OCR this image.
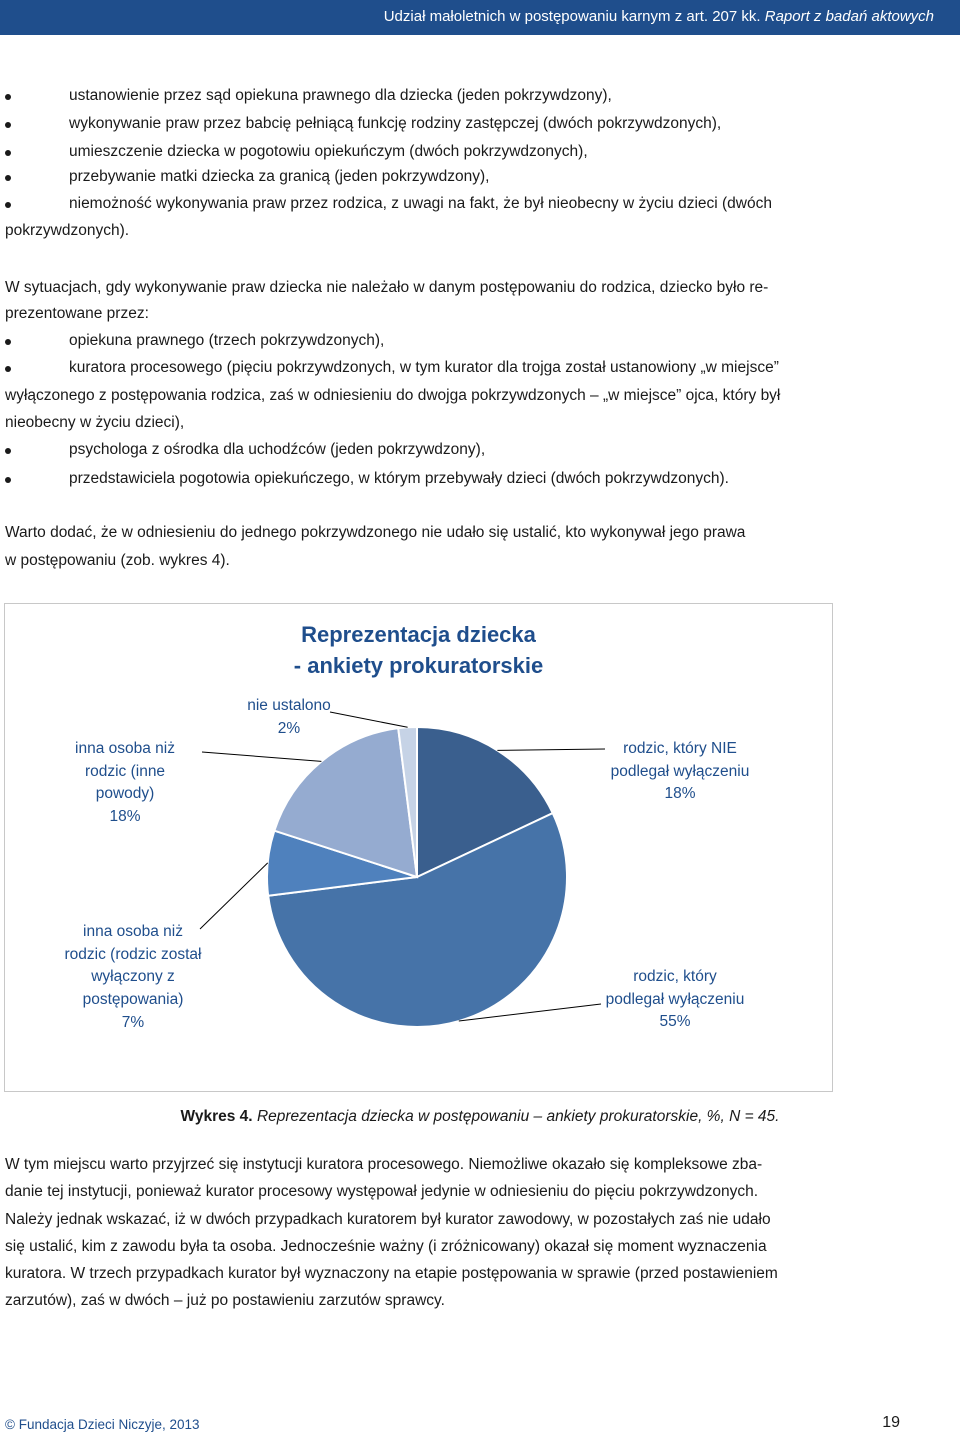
Udział małoletnich w postępowaniu karnym z art. 207 kk. Raport z badań aktowych
ustanowienie przez sąd opiekuna prawnego dla dziecka (jeden pokrzywdzony),
wykonywanie praw przez babcię pełniącą funkcję rodziny zastępczej (dwóch pokrzywdzonych),
umieszczenie dziecka w pogotowiu opiekuńczym (dwóch pokrzywdzonych),
przebywanie matki dziecka za granicą (jeden pokrzywdzony),
niemożność wykonywania praw przez rodzica, z uwagi na fakt, że był nieobecny w życiu dzieci (dwóch
pokrzywdzonych).
W sytuacjach, gdy wykonywanie praw dziecka nie należało w danym postępowaniu do rodzica, dziecko było re-
prezentowane przez:
opiekuna prawnego (trzech pokrzywdzonych),
kuratora procesowego (pięciu pokrzywdzonych, w tym kurator dla trojga został ustanowiony „w miejsce”
wyłączonego z postępowania rodzica, zaś w odniesieniu do dwojga pokrzywdzonych – „w miejsce” ojca, który był
nieobecny w życiu dzieci),
psychologa z ośrodka dla uchodźców (jeden pokrzywdzony),
przedstawiciela pogotowia opiekuńczego, w którym przebywały dzieci (dwóch pokrzywdzonych).
Warto dodać, że w odniesieniu do jednego pokrzywdzonego nie udało się ustalić, kto wykonywał jego prawa
w postępowaniu (zob. wykres 4).
Reprezentacja dziecka
- ankiety prokuratorskie
nie ustalono
2%
inna osoba niż
rodzic (inne
powody)
18%
rodzic, który NIE
podlegał wyłączeniu
18%
inna osoba niż
rodzic (rodzic został
wyłączony z
postępowania)
7%
rodzic, który
podlegał wyłączeniu
55%
Wykres 4. Reprezentacja dziecka w postępowaniu – ankiety prokuratorskie, %, N = 45.
W tym miejscu warto przyjrzeć się instytucji kuratora procesowego. Niemożliwe okazało się kompleksowe zba-
danie tej instytucji, ponieważ kurator procesowy występował jedynie w odniesieniu do pięciu pokrzywdzonych.
Należy jednak wskazać, iż w dwóch przypadkach kuratorem był kurator zawodowy, w pozostałych zaś nie udało
się ustalić, kim z zawodu była ta osoba. Jednocześnie ważny (i zróżnicowany) okazał się moment wyznaczenia
kuratora. W trzech przypadkach kurator był wyznaczony na etapie postępowania w sprawie (przed postawieniem
zarzutów), zaś w dwóch – już po postawieniu zarzutów sprawcy.
© Fundacja Dzieci Niczyje, 2013	19
